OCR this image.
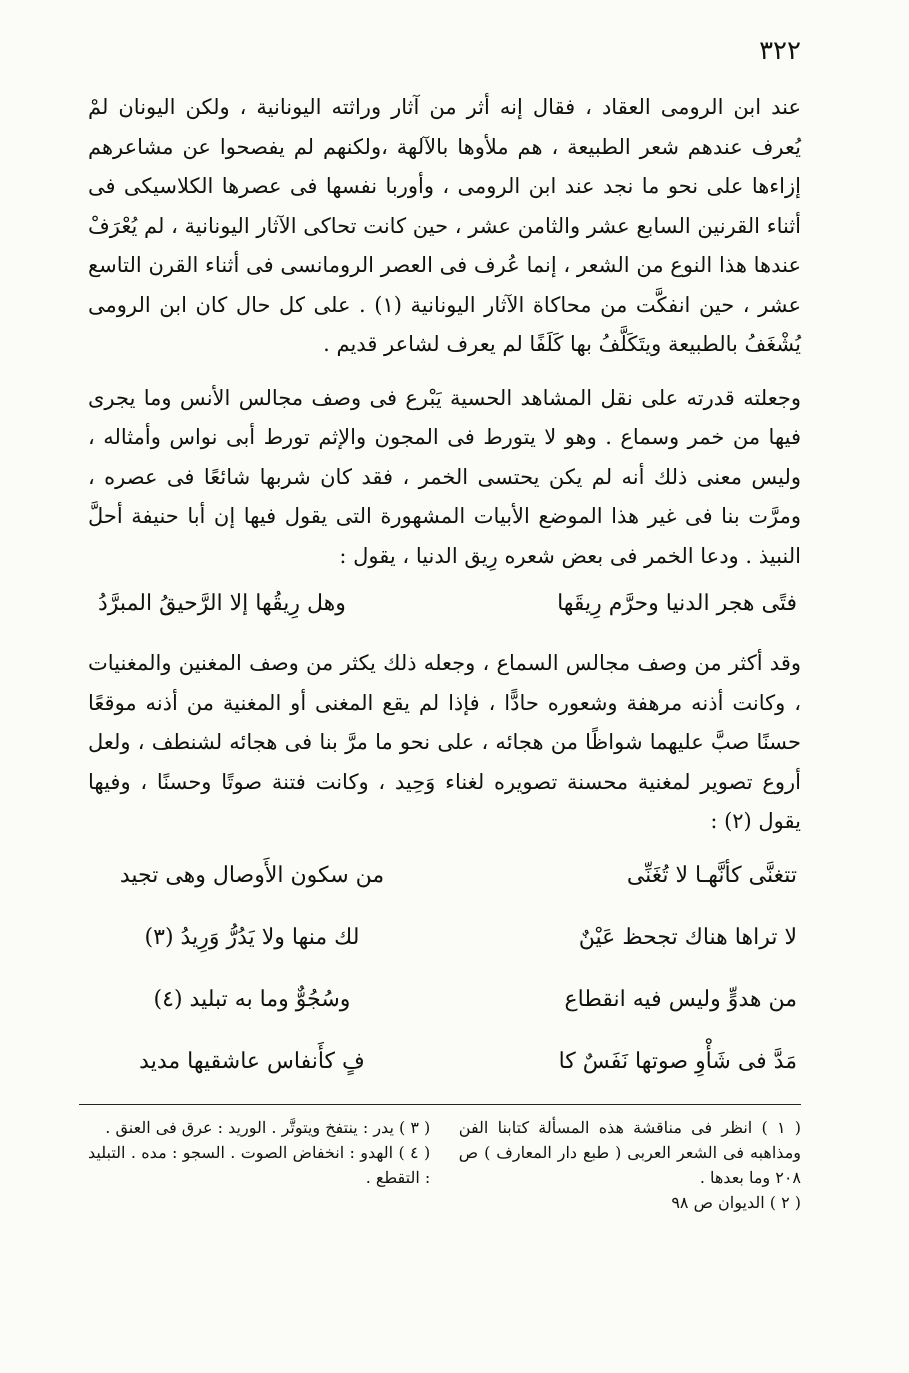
٣٢٢

عند ابن الرومى العقاد ، فقال إنه أثر من آثار وراثته اليونانية ، ولكن اليونان لمْ يُعرف عندهم شعر الطبيعة ، هم ملأوها بالآلهة ،ولكنهم لم يفصحوا عن مشاعرهم إزاءها على نحو ما نجد عند ابن الرومى ، وأوربا نفسها فى عصرها الكلاسيكى فى أثناء القرنين السابع عشر والثامن عشر ، حين كانت تحاكى الآثار اليونانية ، لم يُعْرَفْ عندها هذا النوع من الشعر ، إنما عُرف فى العصر الرومانسى فى أثناء القرن التاسع عشر ، حين انفكَّت من محاكاة الآثار اليونانية (١) . على كل حال كان ابن الرومى يُشْغَفُ بالطبيعة ويتَكَلَّفُ بها كَلَفًا لم يعرف لشاعر قديم .

وجعلته قدرته على نقل المشاهد الحسية يَبْرع فى وصف مجالس الأنس وما يجرى فيها من خمر وسماع . وهو لا يتورط فى المجون والإثم تورط أبى نواس وأمثاله ، وليس معنى ذلك أنه لم يكن يحتسى الخمر ، فقد كان شربها شائعًا فى عصره ، ومرَّت بنا فى غير هذا الموضع الأبيات المشهورة التى يقول فيها إن أبا حنيفة أحلَّ النبيذ . ودعا الخمر فى بعض شعره رِيق الدنيا ، يقول :

فتًى هجر الدنيا وحرَّم رِيقَها
وهل رِيقُها إلا الرَّحيقُ المبرَّدُ

وقد أكثر من وصف مجالس السماع ، وجعله ذلك يكثر من وصف المغنين والمغنيات ، وكانت أذنه مرهفة وشعوره حادًّا ، فإذا لم يقع المغنى أو المغنية من أذنه موقعًا حسنًا صبَّ عليهما شواظًا من هجائه ، على نحو ما مرَّ بنا فى هجائه لشنطف ، ولعل أروع تصوير لمغنية محسنة تصويره لغناء وَحِيد ، وكانت فتنة صوتًا وحسنًا ، وفيها يقول (٢) :

تتغنَّى كأنَّهـا لا تُغَنِّى
من سكون الأَوصال وهى تجيد
لا تراها هناك تجحظ عَيْنٌ
لك منها ولا يَدُرُّ وَرِيدُ (٣)
من هدوٍّ وليس فيه انقطاع
وسُجُوٌّ وما به تبليد (٤)
مَدَّ فى شَأْوِ صوتها نَفَسٌ كا
فٍ كأَنفاس عاشقيها مديد

( ١ ) انظر فى مناقشة هذه المسألة كتابنا الفن ومذاهبه فى الشعر العربى ( طبع دار المعارف ) ص ٢٠٨ وما بعدها .

( ٢ ) الديوان ص ٩٨

( ٣ ) يدر : ينتفخ ويتوتَّر . الوريد : عرق فى العنق .

( ٤ ) الهدو : انخفاض الصوت . السجو : مده . التبليد : التقطع .
